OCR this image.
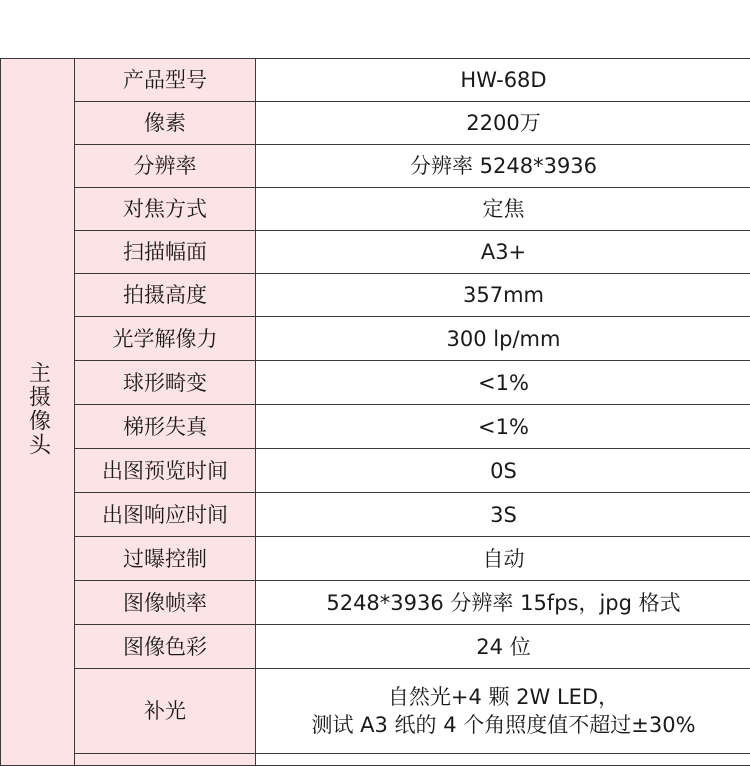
主摄像头	产品型号	HW-68D

	像素	2200万

	分辨率	分辨率 5248*3936

	对焦方式	定焦

	扫描幅面	A3+

	拍摄高度	357mm

	光学解像力	300 lp/mm

	球形畸变	<1%

	梯形失真	<1%

	出图预览时间	0S

	出图响应时间	3S

	过曝控制	自动

	图像帧率	5248*3936 分辨率 15fps，jpg 格式

	图像色彩	24 位

	补光	自然光+4 颗 2W LED，
测试 A3 纸的 4 个角照度值不超过±30%
